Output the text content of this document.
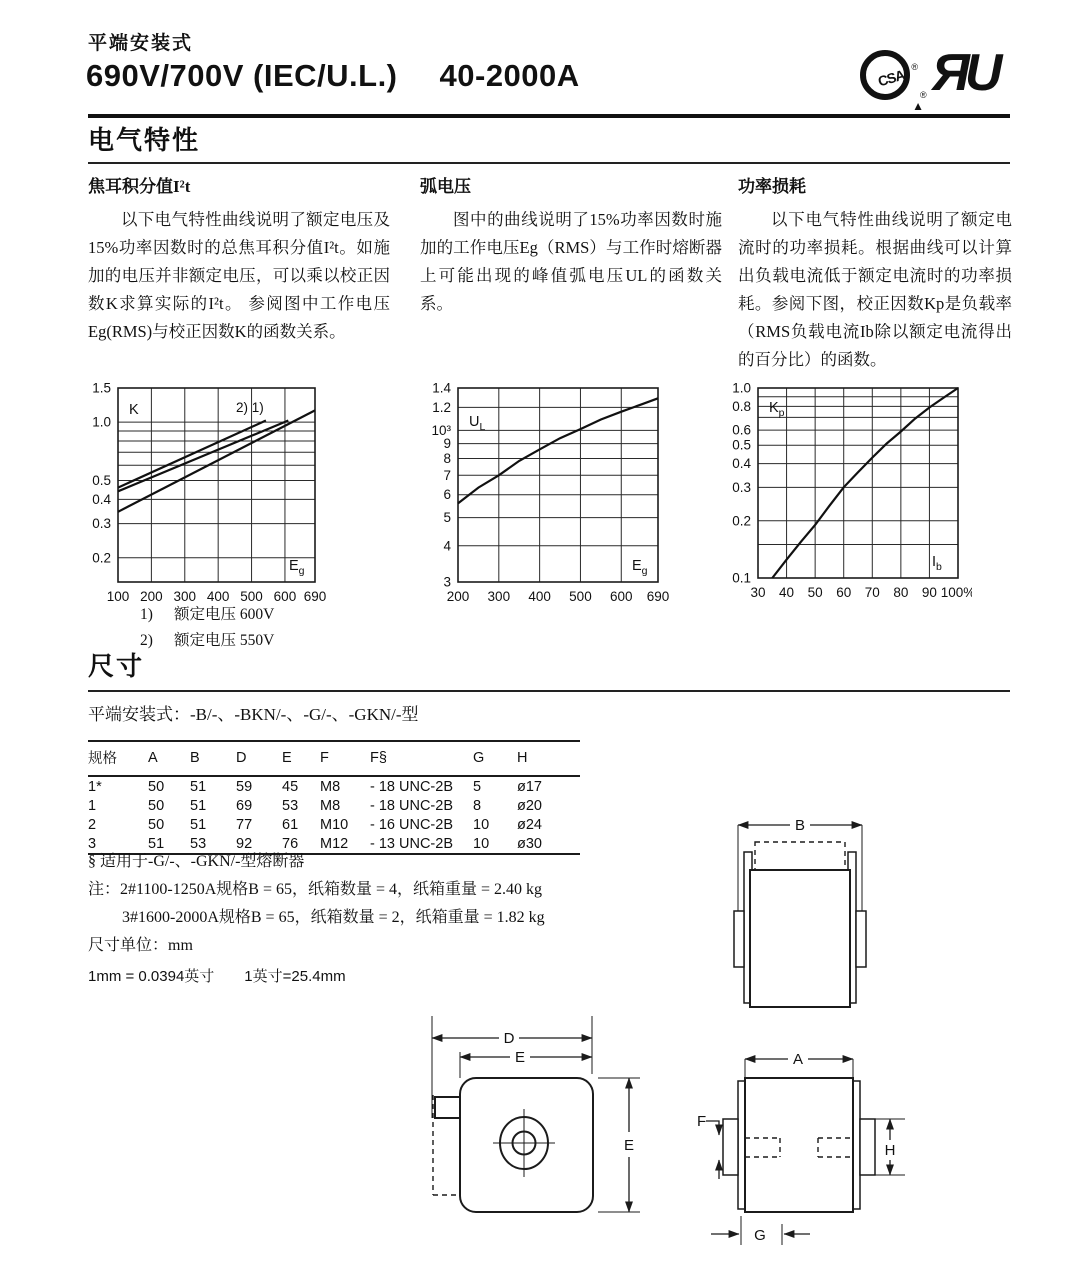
平端安装式
690V/700V (IEC/U.L.) 40-2000A	CSA ®
▲
® ЯU
电气特性
焦耳积分值I²t

以下电气特性曲线说明了额定电压及15%功率因数时的总焦耳积分值I²t。如施加的电压并非额定电压，可以乘以校正因数K求算实际的I²t。 参阅图中工作电压Eg(RMS)与校正因数K的函数关系。

弧电压

图中的曲线说明了15%功率因数时施加的工作电压Eg（RMS）与工作时熔断器上可能出现的峰值弧电压UL的函数关系。

功率损耗

以下电气特性曲线说明了额定电流时的功率损耗。根据曲线可以计算出负载电流低于额定电流时的功率损耗。参阅下图，校正因数Kp是负载率（RMS负载电流Ib除以额定电流得出的百分比）的函数。

100 200 300 400 500 600 690
1.5
1.0
0.5
0.4
0.3
0.2
K
$E_g$
2) 1)
200 300 400 500 600 690
1.4
1.2
10³
9
8
7
6
5
4
3
$U_L$
$E_g$
30 40 50 60 70 80 90 100%
1.0
0.8
0.6
0.5
0.4
0.3
0.2
0.1
$K_p$
$I_b$
1) 额定电压 600V
2) 额定电压 550V
尺寸
平端安装式：-B/-、-BKN/-、-G/-、-GKN/-型
规格	A	B	D	E	F	F§	G	H
1*	50	51	59	45	M8	- 18 UNC-2B	5	ø17
1	50	51	69	53	M8	- 18 UNC-2B	8	ø20
2	50	51	77	61	M10	- 16 UNC-2B	10	ø24
3	51	53	92	76	M12	- 13 UNC-2B	10	ø30
§ 适用于-G/-、-GKN/-型熔断器
注：2#1100-1250A规格B = 65，纸箱数量 = 4，纸箱重量 = 2.40 kg
3#1600-2000A规格B = 65，纸箱数量 = 2，纸箱重量 = 1.82 kg
尺寸单位：mm
1mm = 0.0394英寸　　1英寸=25.4mm
B
D
E
E
A
F
H
G
